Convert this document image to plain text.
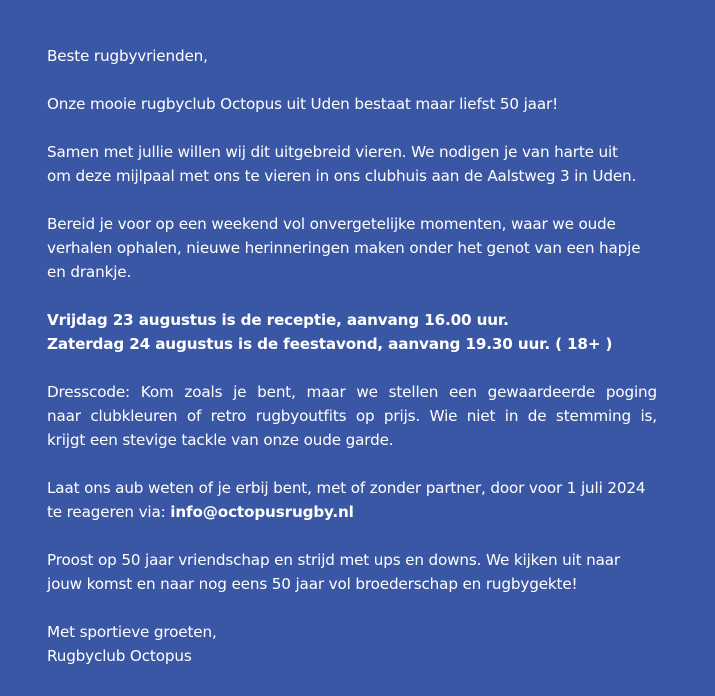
Beste rugbyvrienden,

Onze mooie rugbyclub Octopus uit Uden bestaat maar liefst 50 jaar!

Samen met jullie willen wij dit uitgebreid vieren. We nodigen je van harte uit
om deze mijlpaal met ons te vieren in ons clubhuis aan de Aalstweg 3 in Uden.

Bereid je voor op een weekend vol onvergetelijke momenten, waar we oude
verhalen ophalen, nieuwe herinneringen maken onder het genot van een hapje
en drankje.

Vrijdag 23 augustus is de receptie, aanvang 16.00 uur.
Zaterdag 24 augustus is de feestavond, aanvang 19.30 uur. ( 18+ )

Dresscode: Kom zoals je bent, maar we stellen een gewaardeerde poging
naar clubkleuren of retro rugbyoutfits op prijs. Wie niet in de stemming is,
krijgt een stevige tackle van onze oude garde.

Laat ons aub weten of je erbij bent, met of zonder partner, door voor 1 juli 2024
te reageren via: info@octopusrugby.nl

Proost op 50 jaar vriendschap en strijd met ups en downs. We kijken uit naar
jouw komst en naar nog eens 50 jaar vol broederschap en rugbygekte!

Met sportieve groeten,
Rugbyclub Octopus
